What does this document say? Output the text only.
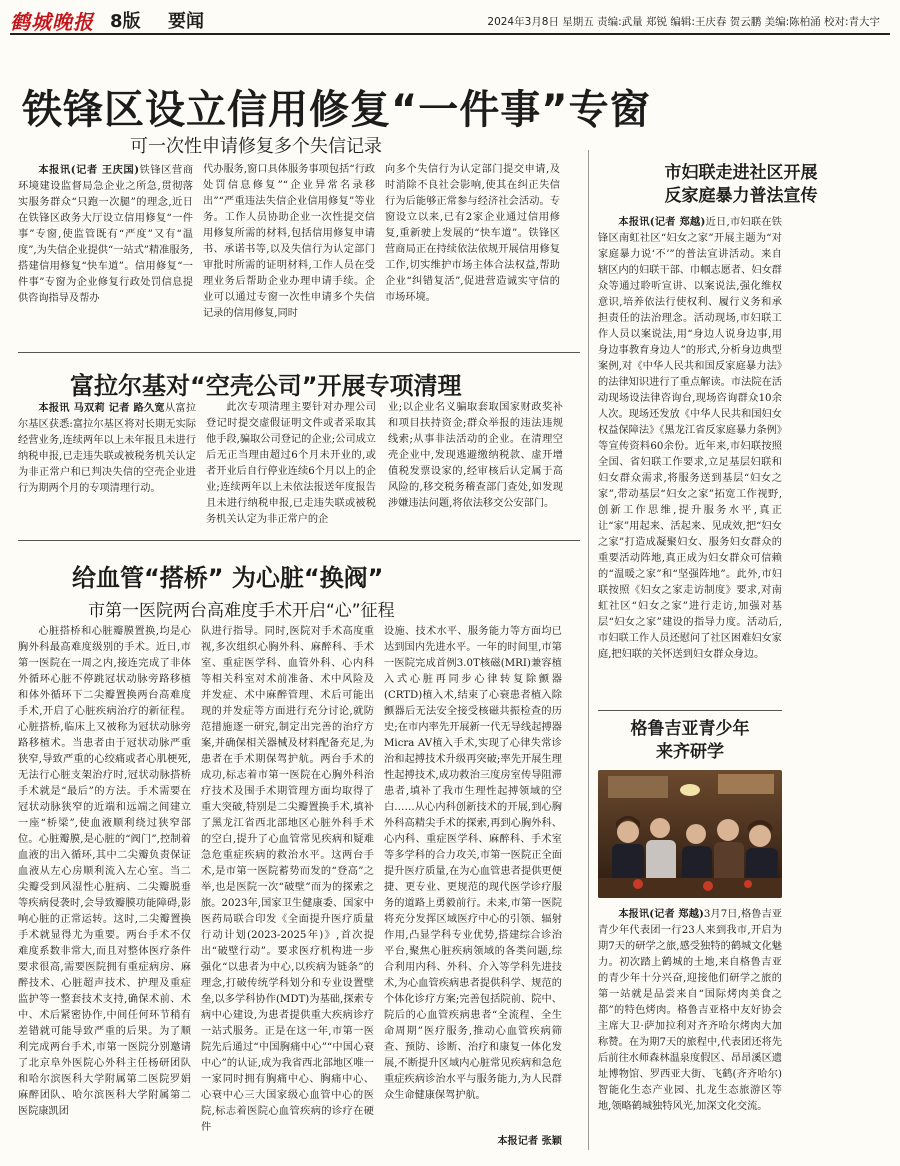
鹤城晚报 8版 要闻	2024年3月8日 星期五 责编:武量 郑锐 编辑:王庆春 贺云鹏 美编:陈柏涌 校对:青大宇
铁锋区设立信用修复“一件事”专窗
可一次性申请修复多个失信记录

本报讯(记者 王庆国)铁锋区营商环境建设监督局急企业之所急,贯彻落实服务群众“只跑一次腿”的理念,近日在铁锋区政务大厅设立信用修复“一件事”专窗,使监管既有“严度”又有“温度”,为失信企业提供“一站式”精准服务,搭建信用修复“快车道”。信用修复“一件事”专窗为企业修复行政处罚信息提供咨询指导及帮办

代办服务,窗口具体服务事项包括“行政处罚信息修复”“企业异常名录移出”“严重违法失信企业信用修复”等业务。工作人员协助企业一次性提交信用修复所需的材料,包括信用修复申请书、承诺书等,以及失信行为认定部门审批时所需的证明材料,工作人员在受理业务后帮助企业办理申请手续。企业可以通过专窗一次性申请多个失信记录的信用修复,同时

向多个失信行为认定部门提交申请,及时消除不良社会影响,使其在纠正失信行为后能够正常参与经济社会活动。专窗设立以来,已有2家企业通过信用修复,重新驶上发展的“快车道”。铁锋区营商局正在持续依法依规开展信用修复工作,切实维护市场主体合法权益,帮助企业“纠错复活”,促进营造诚实守信的市场环境。

富拉尔基对“空壳公司”开展专项清理

本报讯 马双莉 记者 路久宽从富拉尔基区获悉:富拉尔基区将对长期无实际经营业务,连续两年以上未年报且未进行纳税申报,已走违失联或被税务机关认定为非正常户和已判决失信的空壳企业进行为期两个月的专项清理行动。

此次专项清理主要针对办理公司登记时提交虚假证明文件或者采取其他手段,骗取公司登记的企业;公司成立后无正当理由超过6个月未开业的,或者开业后自行停业连续6个月以上的企业;连续两年以上未依法报送年度报告且未进行纳税申报,已走违失联或被税务机关认定为非正常户的企

业;以企业名义骗取套取国家财政奖补和项目扶持资金;群众举报的违法违规线索;从事非法活动的企业。在清理空壳企业中,发现逃避缴纳税款、虚开增值税发票设家的,经审核后认定属于高风险的,移交税务稽查部门查处,如发现涉嫌违法问题,将依法移交公安部门。

给血管“搭桥” 为心脏“换阀”
市第一医院两台高难度手术开启“心”征程

心脏搭桥和心脏瓣膜置换,均是心胸外科最高难度级别的手术。近日,市第一医院在一周之内,接连完成了非体外循环心脏不停跳冠状动脉旁路移植和体外循环下二尖瓣置换两台高难度手术,开启了心脏疾病治疗的新征程。心脏搭桥,临床上又被称为冠状动脉旁路移植术。当患者由于冠状动脉严重狭窄,导致严重的心绞痛或者心肌梗死,无法行心脏支架治疗时,冠状动脉搭桥手术就是“最后”的方法。手术需要在冠状动脉狭窄的近端和远端之间建立一座“桥梁”,使血液顺利绕过狭窄部位。心脏瓣膜,是心脏的“阀门”,控制着血液的出入循环,其中二尖瓣负责保证血液从左心房顺利流入左心室。当二尖瓣受到风湿性心脏病、二尖瓣脱垂等疾病侵袭时,会导致瓣膜功能障碍,影响心脏的正常运转。这时,二尖瓣置换手术就显得尤为重要。两台手术不仅难度系数非常大,而且对整体医疗条件要求很高,需要医院拥有重症病房、麻醉技术、心脏超声技术、护理及重症监护等一整套技术支持,确保术前、术中、术后紧密协作,中间任何环节稍有差错就可能导致严重的后果。为了顺利完成两台手术,市第一医院分别邀请了北京阜外医院心外科主任杨研团队和哈尔滨医科大学附属第二医院罗娟麻醉团队、哈尔滨医科大学附属第二医院康凯团

队进行指导。同时,医院对手术高度重视,多次组织心胸外科、麻醉科、手术室、重症医学科、血管外科、心内科等相关科室对术前准备、术中风险及并发症、术中麻醉管理、术后可能出现的并发症等方面进行充分讨论,就防范措施逐一研究,制定出完善的治疗方案,并确保相关器械及材料配备充足,为患者在手术期保驾护航。两台手术的成功,标志着市第一医院在心胸外科治疗技术及围手术期管理方面均取得了重大突破,特别是二尖瓣置换手术,填补了黑龙江省西北部地区心脏外科手术的空白,提升了心血管常见疾病和疑难急危重症疾病的救治水平。这两台手术,是市第一医院蓄势而发的“登高”之举,也是医院一次“破壁”而为的探索之旅。2023年,国家卫生健康委、国家中医药局联合印发《全面提升医疗质量行动计划(2023-2025年)》,首次提出“破壁行动”。要求医疗机构进一步强化“以患者为中心,以疾病为链条”的理念,打破传统学科划分和专业设置壁垒,以多学科协作(MDT)为基础,探索专病中心建设,为患者提供重大疾病诊疗一站式服务。正是在这一年,市第一医院先后通过“中国胸痛中心”“中国心衰中心”的认证,成为我省西北部地区唯一一家同时拥有胸痛中心、胸痛中心、心衰中心三大国家级心血管中心的医院,标志着医院心血管疾病的诊疗在硬件

设施、技术水平、服务能力等方面均已达到国内先进水平。一年的时间里,市第一医院完成首例3.0T核磁(MRI)兼容植入式心脏再同步心律转复除颤器(CRTD)植入术,结束了心衰患者植入除颤器后无法安全接受核磁共振检查的历史;在市内率先开展新一代无导线起搏器Micra AV植入手术,实现了心律失常诊治和起搏技术升级再突破;率先开展生理性起搏技术,成功救治三度房室传导阻滞患者,填补了我市生理性起搏领域的空白……从心内科创新技术的开展,到心胸外科高精尖手术的探索,再到心胸外科、心内科、重症医学科、麻醉科、手术室等多学科的合力攻关,市第一医院正全面提升医疗质量,在为心血管患者提供更便捷、更专业、更规范的现代医学诊疗服务的道路上勇毅前行。未来,市第一医院将充分发挥区域医疗中心的引领、辐射作用,凸显学科专业优势,搭建综合诊治平台,聚焦心脏疾病领域的各类问题,综合利用内科、外科、介入等学科先进技术,为心血管疾病患者提供科学、规范的个体化诊疗方案;完善包括院前、院中、院后的心血管疾病患者“全流程、全生命周期”医疗服务,推动心血管疾病筛查、预防、诊断、治疗和康复一体化发展,不断提升区域内心脏常见疾病和急危重症疾病诊治水平与服务能力,为人民群众生命健康保驾护航。

本报记者 张颖
市妇联走进社区开展
反家庭暴力普法宣传

本报讯(记者 郑越)近日,市妇联在铁锋区南虹社区“妇女之家”开展主题为“对家庭暴力说‘不’”的普法宣讲活动。来自辖区内的妇联干部、巾帼志愿者、妇女群众等通过聆听宣讲、以案说法,强化维权意识,培养依法行使权利、履行义务和承担责任的法治理念。活动现场,市妇联工作人员以案说法,用“身边人说身边事,用身边事教育身边人”的形式,分析身边典型案例,对《中华人民共和国反家庭暴力法》的法律知识进行了重点解读。市法院在活动现场设法律咨询台,现场咨询群众10余人次。现场还发放《中华人民共和国妇女权益保障法》《黑龙江省反家庭暴力条例》等宣传资料60余份。近年来,市妇联按照全国、省妇联工作要求,立足基层妇联和妇女群众需求,将服务送到基层“妇女之家”,带动基层“妇女之家”拓宽工作视野,创新工作思维,提升服务水平,真正让“家”用起来、活起来、见成效,把“妇女之家”打造成凝聚妇女、服务妇女群众的重要活动阵地,真正成为妇女群众可信赖的“温暖之家”和“坚强阵地”。此外,市妇联按照《妇女之家走访制度》要求,对南虹社区“妇女之家”进行走访,加强对基层“妇女之家”建设的指导力度。活动后,市妇联工作人员还慰问了社区困难妇女家庭,把妇联的关怀送到妇女群众身边。

格鲁吉亚青少年
来齐研学

本报讯(记者 郑越)3月7日,格鲁吉亚青少年代表团一行23人来到我市,开启为期7天的研学之旅,感受独特的鹤城文化魅力。初次踏上鹤城的土地,来自格鲁吉亚的青少年十分兴奋,迎接他们研学之旅的第一站就是品尝来自“国际烤肉美食之都”的特色烤肉。格鲁吉亚格中友好协会主席大卫·萨加拉利对齐齐哈尔烤肉大加称赞。在为期7天的旅程中,代表团还将先后前往水师森林温泉度假区、昂昂溪区遗址博物馆、罗西亚大街、飞鹤(齐齐哈尔)智能化生态产业园、扎龙生态旅游区等地,领略鹤城独特风光,加深文化交流。
